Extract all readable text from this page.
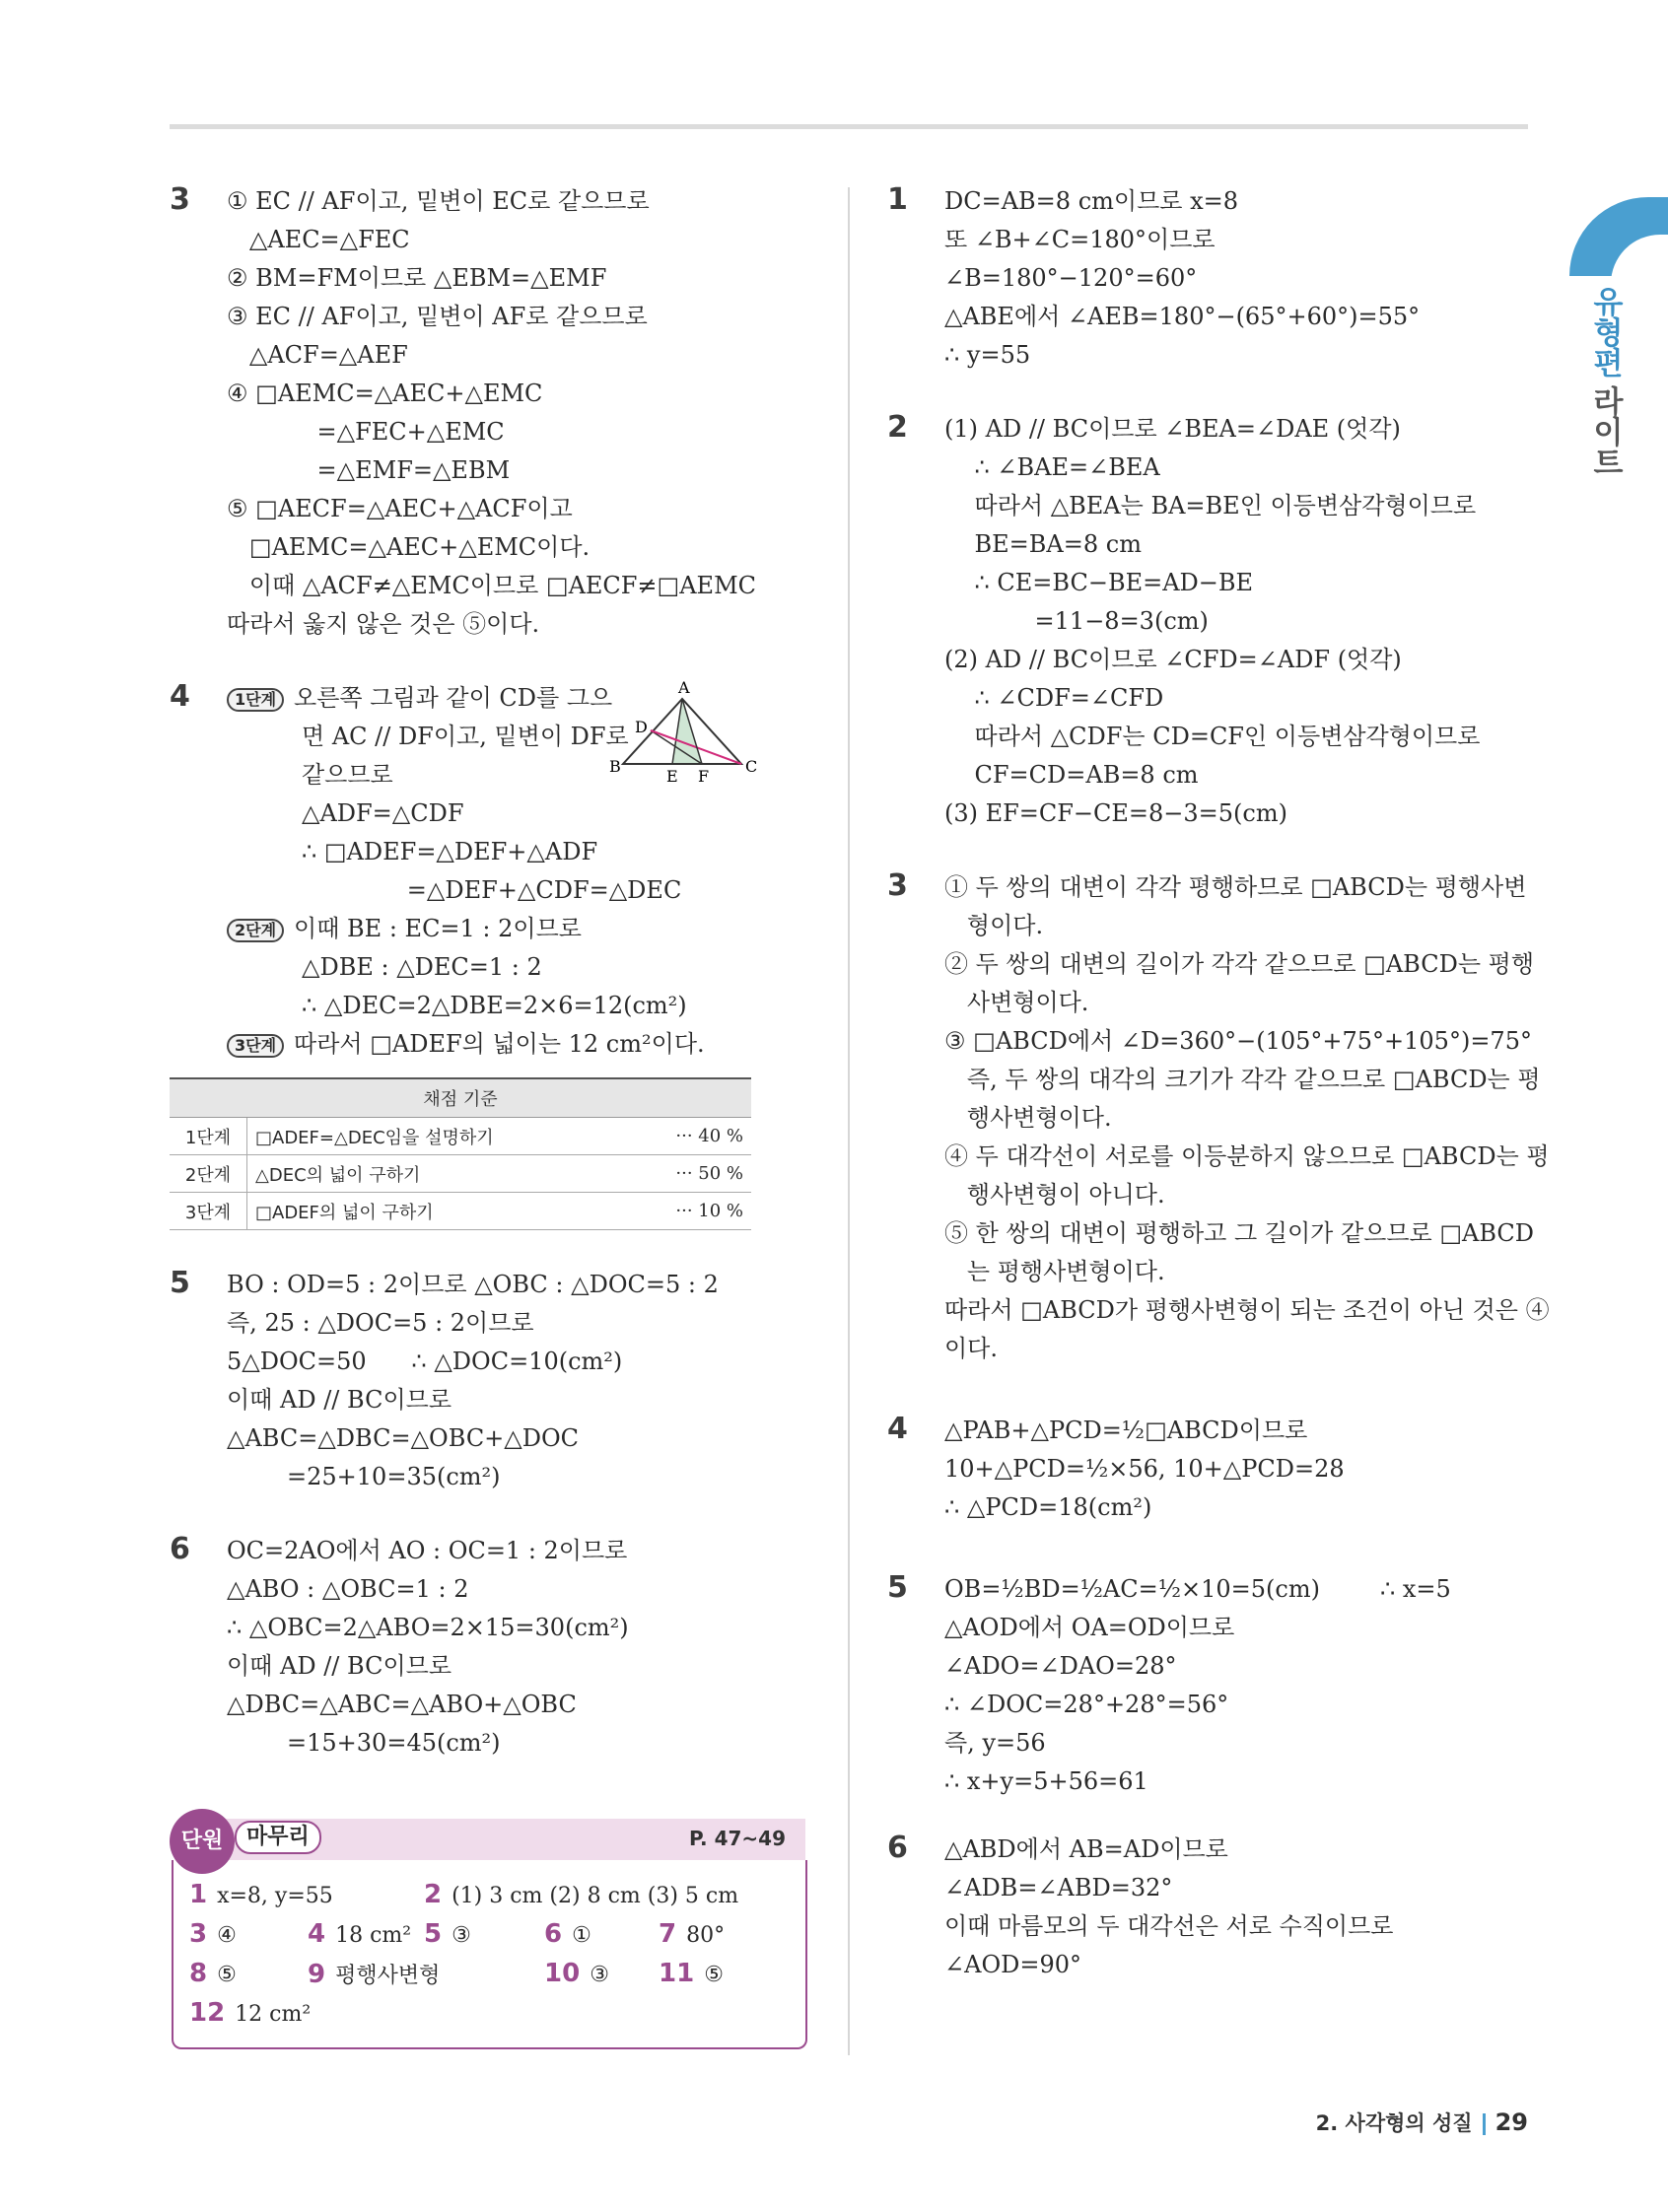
유형편
라이트
3 ① EC // AF이고, 밑변이 EC로 같으므로
△AEC=△FEC
② BM=FM이므로 △EBM=△EMF
③ EC // AF이고, 밑변이 AF로 같으므로
△ACF=△AEF
④ □AEMC=△AEC+△EMC
=△FEC+△EMC
=△EMF=△EBM
⑤ □AECF=△AEC+△ACF이고
□AEMC=△AEC+△EMC이다.
이때 △ACF≠△EMC이므로 □AECF≠□AEMC
따라서 옳지 않은 것은 ⑤이다.
4	1단계 오른쪽 그림과 같이 CD를 그으
면 AC // DF이고, 밑변이 DF로
같으므로
△ADF=△CDF
∴ □ADEF=△DEF+△ADF
=△DEF+△CDF=△DEC
2단계 이때 BE : EC=1 : 2이므로
△DBE : △DEC=1 : 2
∴ △DEC=2△DBE=2×6=12(cm²)
3단계 따라서 □ADEF의 넓이는 12 cm²이다.
A
B	C
D
E F
채점 기준		
1단계	□ADEF=△DEC임을 설명하기	··· 40 %
2단계	△DEC의 넓이 구하기	··· 50 %
3단계	□ADEF의 넓이 구하기	··· 10 %
5 BO : OD=5 : 2이므로 △OBC : △DOC=5 : 2
즉, 25 : △DOC=5 : 2이므로
5△DOC=50      ∴ △DOC=10(cm²)
이때 AD // BC이므로
△ABC=△DBC=△OBC+△DOC
=25+10=35(cm²)
6 OC=2AO에서 AO : OC=1 : 2이므로
△ABO : △OBC=1 : 2
∴ △OBC=2△ABO=2×15=30(cm²)
이때 AD // BC이므로
△DBC=△ABC=△ABO+△OBC
=15+30=45(cm²)
단원	마무리	P. 47~49
1 x=8, y=55	2 (1) 3 cm (2) 8 cm (3) 5 cm
3 ④	4 18 cm² 5 ③	6 ①	7 80°
8 ⑤	9 평행사변형	10 ③ 11 ⑤
12 12 cm²
1 DC=AB=8 cm이므로 x=8
또 ∠B+∠C=180°이므로
∠B=180°−120°=60°
△ABE에서 ∠AEB=180°−(65°+60°)=55°
∴ y=55
2 (1) AD // BC이므로 ∠BEA=∠DAE (엇각)
∴ ∠BAE=∠BEA
따라서 △BEA는 BA=BE인 이등변삼각형이므로
BE=BA=8 cm
∴ CE=BC−BE=AD−BE
=11−8=3(cm)
(2) AD // BC이므로 ∠CFD=∠ADF (엇각)
∴ ∠CDF=∠CFD
따라서 △CDF는 CD=CF인 이등변삼각형이므로
CF=CD=AB=8 cm
(3) EF=CF−CE=8−3=5(cm)
3 ① 두 쌍의 대변이 각각 평행하므로 □ABCD는 평행사변
형이다.
② 두 쌍의 대변의 길이가 각각 같으므로 □ABCD는 평행
사변형이다.
③ □ABCD에서 ∠D=360°−(105°+75°+105°)=75°
즉, 두 쌍의 대각의 크기가 각각 같으므로 □ABCD는 평
행사변형이다.
④ 두 대각선이 서로를 이등분하지 않으므로 □ABCD는 평
행사변형이 아니다.
⑤ 한 쌍의 대변이 평행하고 그 길이가 같으므로 □ABCD
는 평행사변형이다.
따라서 □ABCD가 평행사변형이 되는 조건이 아닌 것은 ④
이다.
4 △PAB+△PCD=½□ABCD이므로
10+△PCD=½×56, 10+△PCD=28
∴ △PCD=18(cm²)
5 OB=½BD=½AC=½×10=5(cm)        ∴ x=5
△AOD에서 OA=OD이므로
∠ADO=∠DAO=28°
∴ ∠DOC=28°+28°=56°
즉, y=56
∴ x+y=5+56=61
6 △ABD에서 AB=AD이므로
∠ADB=∠ABD=32°
이때 마름모의 두 대각선은 서로 수직이므로
∠AOD=90°
2. 사각형의 성질 29
